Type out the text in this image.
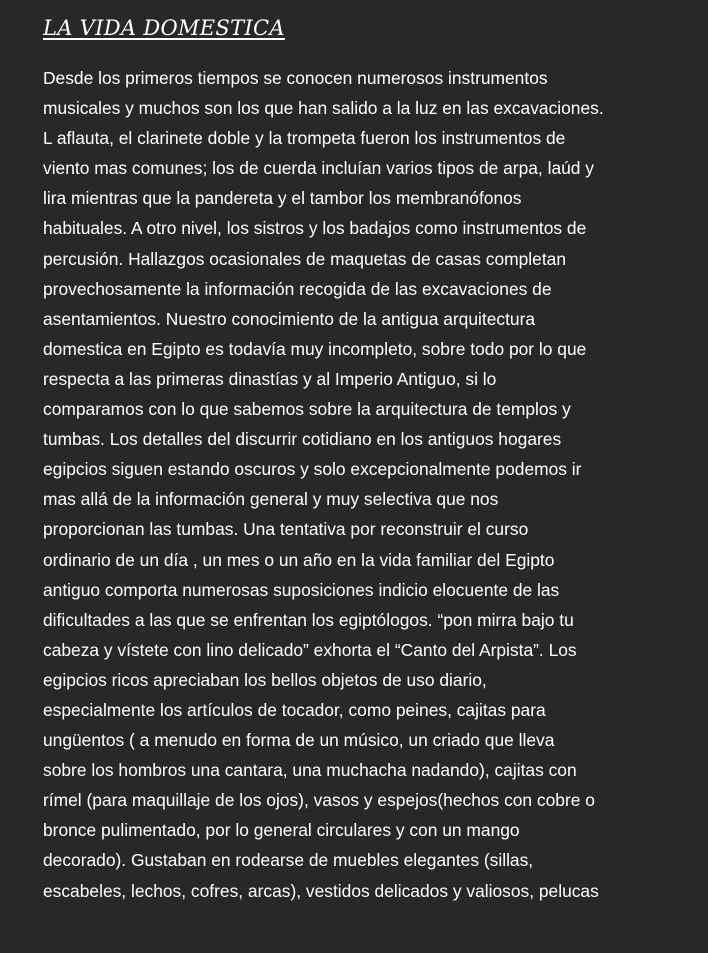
LA VIDA DOMESTICA
Desde los primeros tiempos se conocen numerosos instrumentos
musicales y muchos son los que han salido a la luz en las excavaciones.
L aflauta, el clarinete doble y la trompeta fueron los instrumentos de
viento mas comunes; los de cuerda incluían varios tipos de arpa, laúd y
lira mientras que la pandereta y el tambor los membranófonos
habituales. A otro nivel, los sistros y los badajos como instrumentos de
percusión. Hallazgos ocasionales de maquetas de casas completan
provechosamente la información recogida de las excavaciones de
asentamientos. Nuestro conocimiento de la antigua arquitectura
domestica en Egipto es todavía muy incompleto, sobre todo por lo que
respecta a las primeras dinastías y al Imperio Antiguo, si lo
comparamos con lo que sabemos sobre la arquitectura de templos y
tumbas. Los detalles del discurrir cotidiano en los antiguos hogares
egipcios siguen estando oscuros y solo excepcionalmente podemos ir
mas allá de la información general y muy selectiva que nos
proporcionan las tumbas. Una tentativa por reconstruir el curso
ordinario de un día , un mes o un año en la vida familiar del Egipto
antiguo comporta numerosas suposiciones indicio elocuente de las
dificultades a las que se enfrentan los egiptólogos. “pon mirra bajo tu
cabeza y vístete con lino delicado” exhorta el “Canto del Arpista”. Los
egipcios ricos apreciaban los bellos objetos de uso diario,
especialmente los artículos de tocador, como peines, cajitas para
ungüentos ( a menudo en forma de un músico, un criado que lleva
sobre los hombros una cantara, una muchacha nadando), cajitas con
rímel (para maquillaje de los ojos), vasos y espejos(hechos con cobre o
bronce pulimentado, por lo general circulares y con un mango
decorado). Gustaban en rodearse de muebles elegantes (sillas,
escabeles, lechos, cofres, arcas), vestidos delicados y valiosos, pelucas
